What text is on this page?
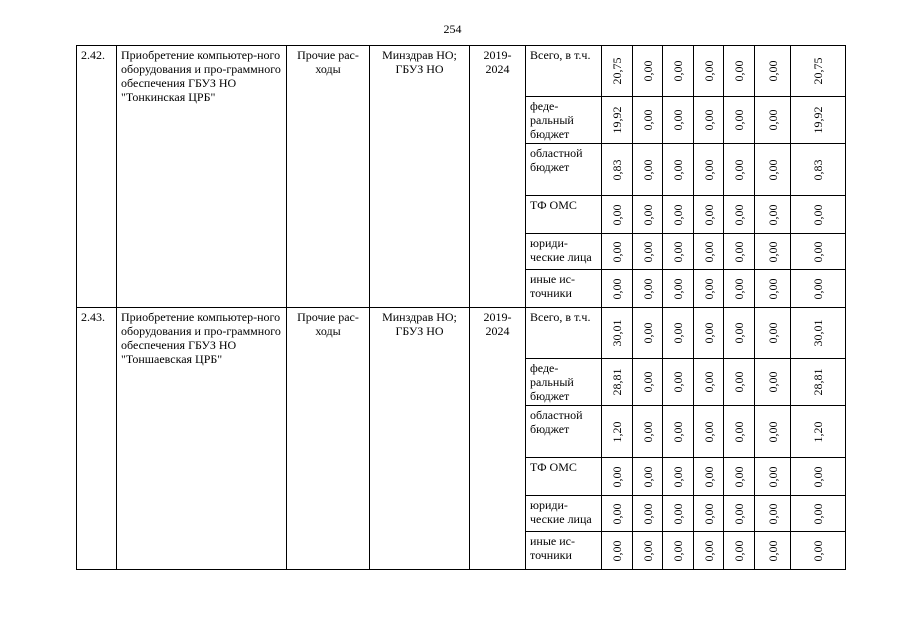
254
2.42.	Приобретение компьютер-ного оборудования и про-граммного обеспечения ГБУЗ НО "Тонкинская ЦРБ"	Прочие рас-ходы	Минздрав НО; ГБУЗ НО	2019-2024	Всего, в т.ч.	20,75	0,00	0,00	0,00	0,00	0,00	20,75

					феде-ральный бюджет	19,92	0,00	0,00	0,00	0,00	0,00	19,92

					областной бюджет	0,83	0,00	0,00	0,00	0,00	0,00	0,83

					ТФ ОМС	0,00	0,00	0,00	0,00	0,00	0,00	0,00

					юриди-ческие лица	0,00	0,00	0,00	0,00	0,00	0,00	0,00

					иные ис-точники	0,00	0,00	0,00	0,00	0,00	0,00	0,00

2.43.	Приобретение компьютер-ного оборудования и про-граммного обеспечения ГБУЗ НО "Тоншаевская ЦРБ"	Прочие рас-ходы	Минздрав НО; ГБУЗ НО	2019-2024	Всего, в т.ч.	30,01	0,00	0,00	0,00	0,00	0,00	30,01

					феде-ральный бюджет	28,81	0,00	0,00	0,00	0,00	0,00	28,81

					областной бюджет	1,20	0,00	0,00	0,00	0,00	0,00	1,20

					ТФ ОМС	0,00	0,00	0,00	0,00	0,00	0,00	0,00

					юриди-ческие лица	0,00	0,00	0,00	0,00	0,00	0,00	0,00

					иные ис-точники	0,00	0,00	0,00	0,00	0,00	0,00	0,00
